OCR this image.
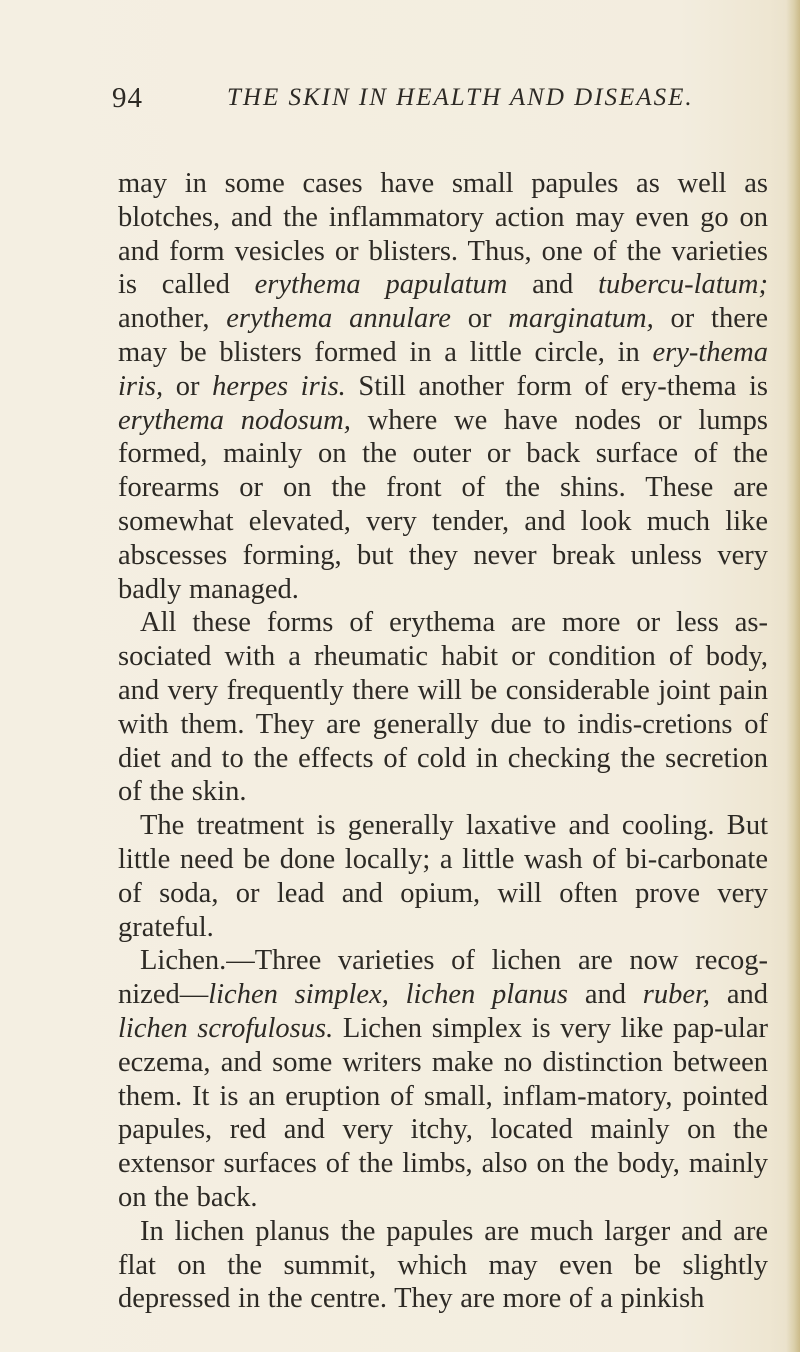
94	THE SKIN IN HEALTH AND DISEASE.

may in some cases have small papules as well as blotches, and the inflammatory action may even go on and form vesicles or blisters. Thus, one of the varieties is called erythema papulatum and tubercu-latum; another, erythema annulare or marginatum, or there may be blisters formed in a little circle, in ery-thema iris, or herpes iris. Still another form of ery-thema is erythema nodosum, where we have nodes or lumps formed, mainly on the outer or back surface of the forearms or on the front of the shins. These are somewhat elevated, very tender, and look much like abscesses forming, but they never break unless very badly managed.

All these forms of erythema are more or less as-sociated with a rheumatic habit or condition of body, and very frequently there will be considerable joint pain with them. They are generally due to indis-cretions of diet and to the effects of cold in checking the secretion of the skin.

The treatment is generally laxative and cooling. But little need be done locally; a little wash of bi-carbonate of soda, or lead and opium, will often prove very grateful.

Lichen.—Three varieties of lichen are now recog-nized—lichen simplex, lichen planus and ruber, and lichen scrofulosus. Lichen simplex is very like pap-ular eczema, and some writers make no distinction between them. It is an eruption of small, inflam-matory, pointed papules, red and very itchy, located mainly on the extensor surfaces of the limbs, also on the body, mainly on the back.

In lichen planus the papules are much larger and are flat on the summit, which may even be slightly depressed in the centre. They are more of a pinkish
